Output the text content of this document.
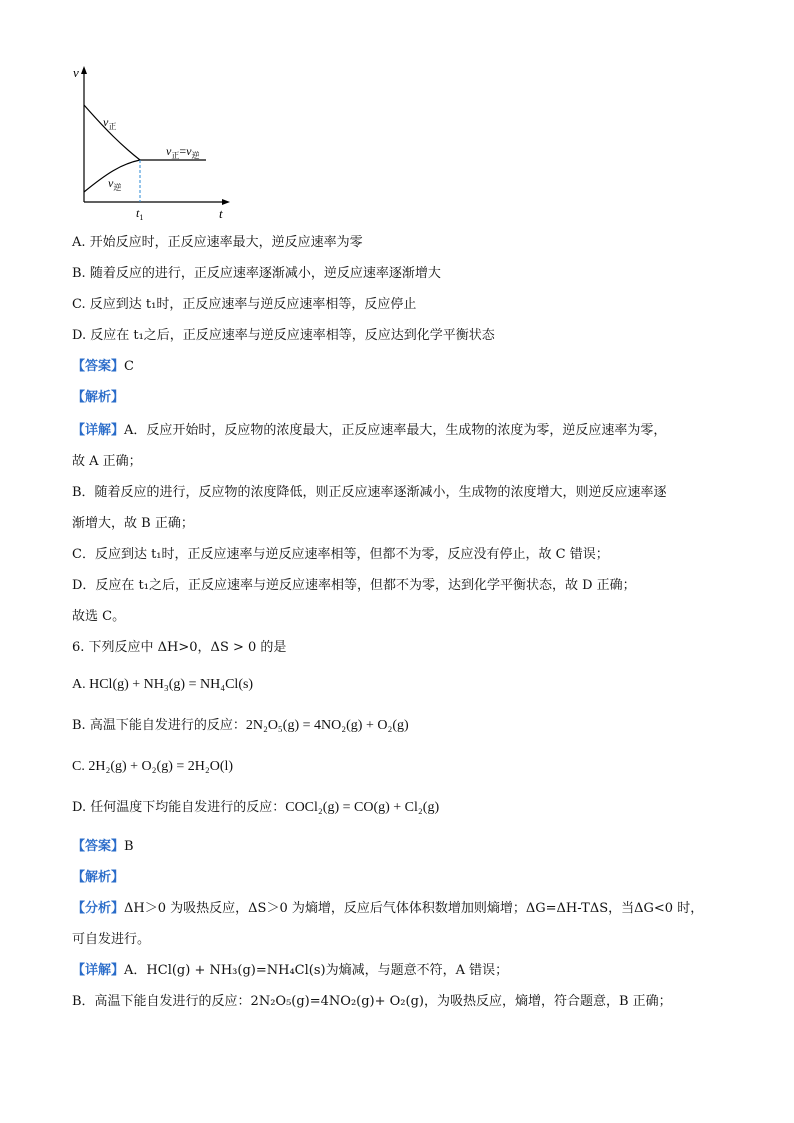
v
t
$v_正$
$v_逆$
$v_正=v_逆$
$t_1$
A. 开始反应时，正反应速率最大，逆反应速率为零
B. 随着反应的进行，正反应速率逐渐减小，逆反应速率逐渐增大
C. 反应到达 t₁时，正反应速率与逆反应速率相等，反应停止
D. 反应在 t₁之后，正反应速率与逆反应速率相等，反应达到化学平衡状态
【答案】C
【解析】
【详解】A．反应开始时，反应物的浓度最大，正反应速率最大，生成物的浓度为零，逆反应速率为零，
故 A 正确；
B．随着反应的进行，反应物的浓度降低，则正反应速率逐渐减小，生成物的浓度增大，则逆反应速率逐
渐增大，故 B 正确；
C．反应到达 t₁时，正反应速率与逆反应速率相等，但都不为零，反应没有停止，故 C 错误；
D．反应在 t₁之后，正反应速率与逆反应速率相等，但都不为零，达到化学平衡状态，故 D 正确；
故选 C。
6. 下列反应中 ΔH>0，ΔS > 0 的是
A. HCl(g) + NH₃(g) = NH₄Cl(s)
B. 高温下能自发进行的反应：2N₂O₅(g) = 4NO₂(g) + O₂(g)
C. 2H₂(g) + O₂(g) = 2H₂O(l)
D. 任何温度下均能自发进行的反应：COCl₂(g) = CO(g) + Cl₂(g)
【答案】B
【解析】
【分析】ΔH＞0 为吸热反应，ΔS＞0 为熵增，反应后气体体积数增加则熵增；ΔG=ΔH-TΔS，当ΔG<0 时，
可自发进行。
【详解】A．HCl(g) + NH₃(g)=NH₄Cl(s)为熵减，与题意不符，A 错误；
B．高温下能自发进行的反应：2N₂O₅(g)=4NO₂(g)+ O₂(g)，为吸热反应，熵增，符合题意，B 正确；
